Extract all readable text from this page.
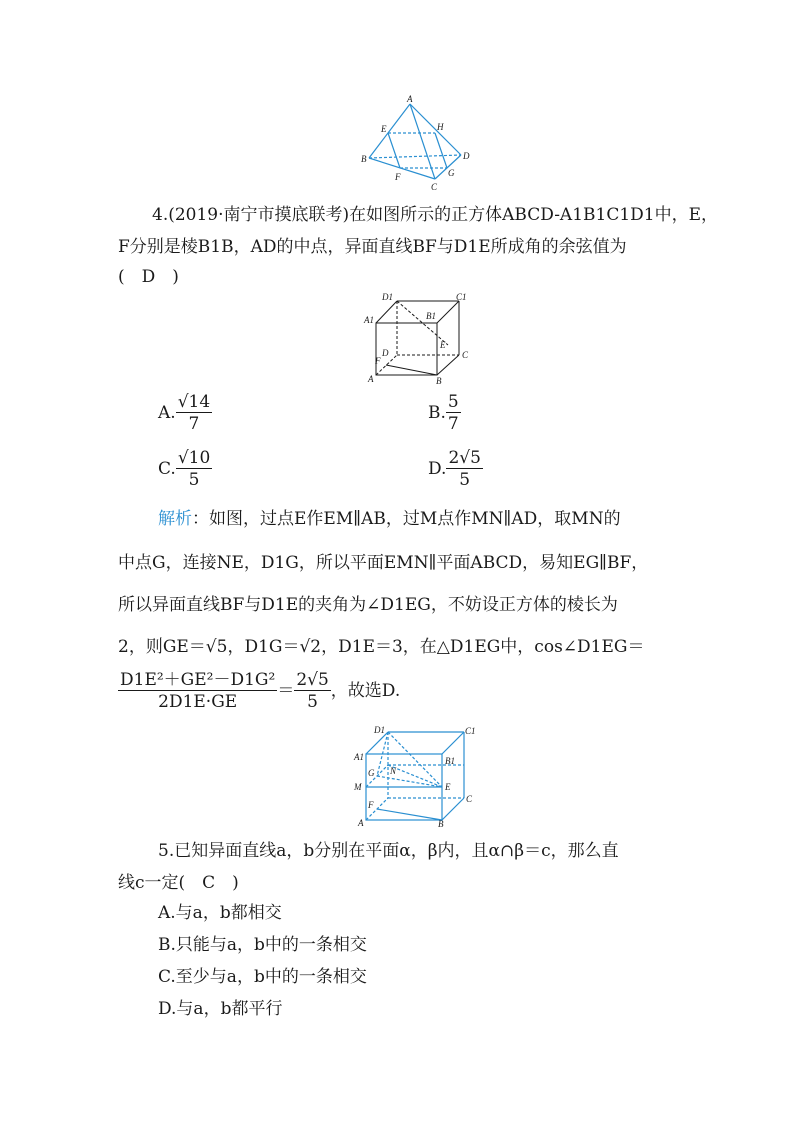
A
E	H
B
F
C
G
D
4.(2019·南宁市摸底联考)在如图所示的正方体ABCD-A1B1C1D1中，E，
F分别是棱B1B，AD的中点，异面直线BF与D1E所成角的余弦值为
(　D　)
D1	C1
A1	B1
D
E
F
C
A	B
A. $\frac{√14}{7}$	B. $\frac{5}{7}$
C. $\frac{√10}{5}$	D. $\frac{2√5}{5}$
解析：如图，过点E作EM∥AB，过M点作MN∥AD，取MN的
中点G，连接NE，D1G，所以平面EMN∥平面ABCD，易知EG∥BF，
所以异面直线BF与D1E的夹角为∠D1EG，不妨设正方体的棱长为
2，则GE＝√5，D1G＝√2，D1E＝3，在△D1EG中，cos∠D1EG＝
$\frac{\text{D1E²＋GE²－D1G²}}{2D1E\cdot GE} = \frac{2√5}{5}$ ，故选D.
D1	C1
A1	B1
G N
M	E
F
C
A	B
5.已知异面直线a，b分别在平面α，β内，且α∩β＝c，那么直
线c一定(　C　)
A.与a，b都相交
B.只能与a，b中的一条相交
C.至少与a，b中的一条相交
D.与a，b都平行
